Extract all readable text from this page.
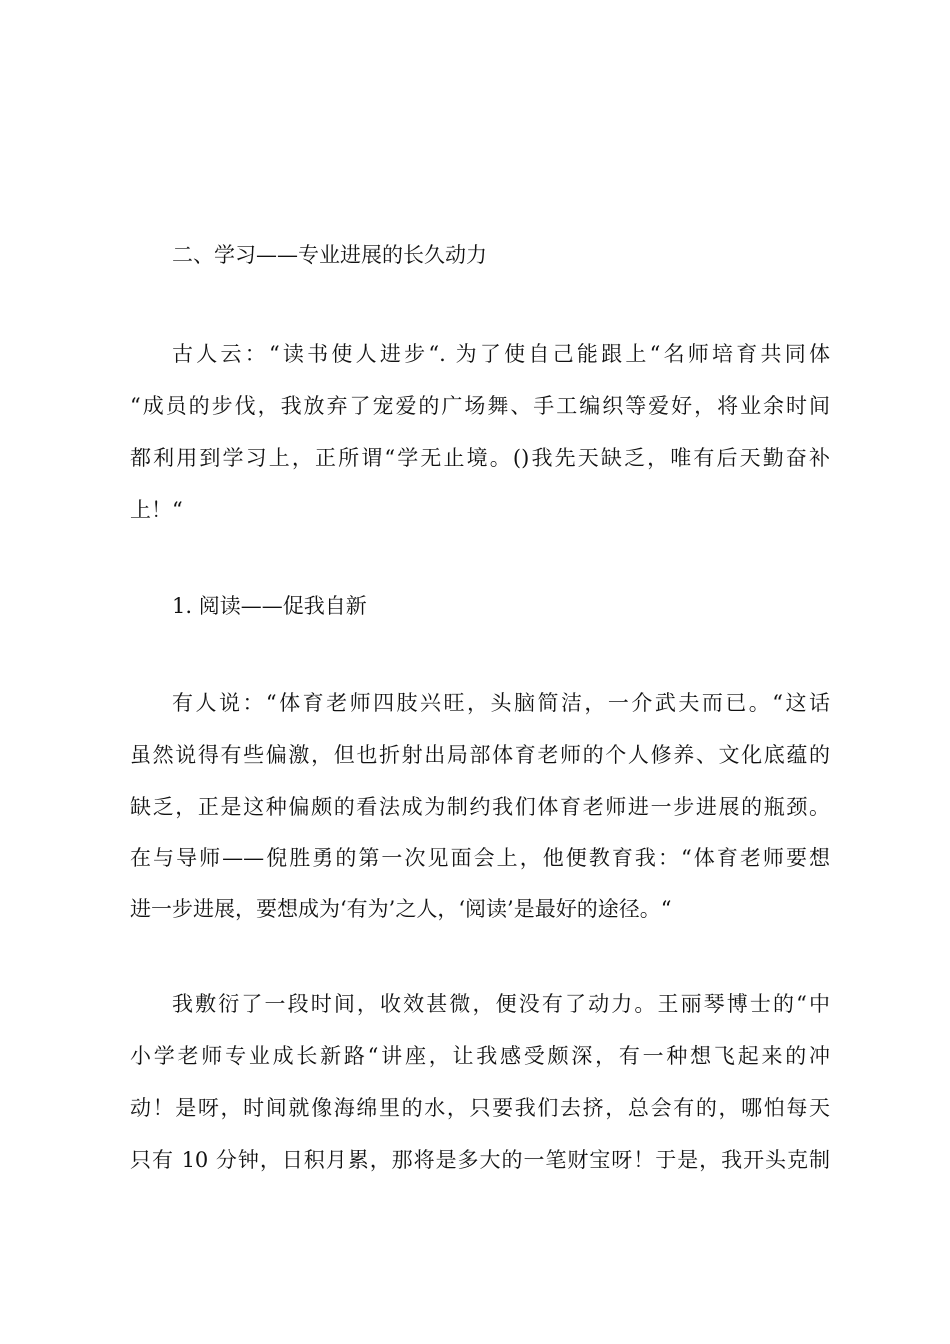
二、学习——专业进展的长久动力
古人云：“读书使人进步“. 为了使自己能跟上“名师培育共同体
“成员的步伐，我放弃了宠爱的广场舞、手工编织等爱好，将业余时间
都利用到学习上，正所谓“学无止境。()我先天缺乏，唯有后天勤奋补
上！“
1. 阅读——促我自新
有人说：“体育老师四肢兴旺，头脑简洁，一介武夫而已。“这话
虽然说得有些偏激，但也折射出局部体育老师的个人修养、文化底蕴的
缺乏，正是这种偏颇的看法成为制约我们体育老师进一步进展的瓶颈。
在与导师——倪胜勇的第一次见面会上，他便教育我：“体育老师要想
进一步进展，要想成为‘有为’之人，‘阅读’是最好的途径。“
我敷衍了一段时间，收效甚微，便没有了动力。王丽琴博士的“中
小学老师专业成长新路“讲座，让我感受颇深，有一种想飞起来的冲
动！是呀，时间就像海绵里的水，只要我们去挤，总会有的，哪怕每天
只有 10 分钟，日积月累，那将是多大的一笔财宝呀！于是，我开头克制
